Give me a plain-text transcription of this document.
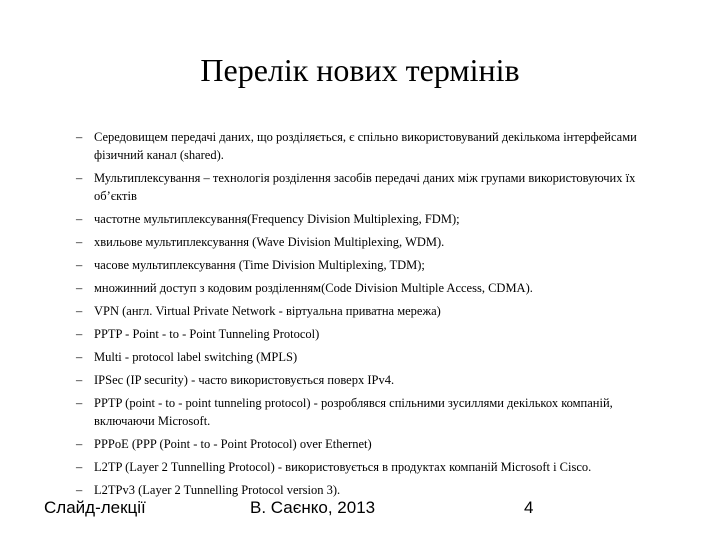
Перелік нових термінів
– Середовищем передачі даних, що розділяється, є спільно використовуваний декількома інтерфейсами фізичний канал (shared).
– Мультиплексування – технологія розділення засобів передачі даних між групами використовуючих їх об’єктів
– частотне мультиплексування(Frequency Division Multiplexing, FDM);
– хвильове мультиплексування (Wave Division Multiplexing, WDM).
– часове мультиплексування (Time Division Multiplexing, TDM);
– множинний доступ з кодовим розділенням(Code Division Multiple Access, CDMA).
– VPN (англ. Virtual Private Network - віртуальна приватна мережа)
– PPTP - Point - to - Point Tunneling Protocol)
– Multi - protocol label switching (MPLS)
– IPSec (IP security) - часто використовується поверх IPv4.
– PPTP (point - to - point tunneling protocol) - розроблявся спільними зусиллями декількох компаній, включаючи Microsoft.
– PPPoE (PPP (Point - to - Point Protocol) over Ethernet)
– L2TP (Layer 2 Tunnelling Protocol) - використовується в продуктах компаній Microsoft і Cisco.
– L2TPv3 (Layer 2 Tunnelling Protocol version 3).
Слайд-лекції	В. Саєнко, 2013	4
